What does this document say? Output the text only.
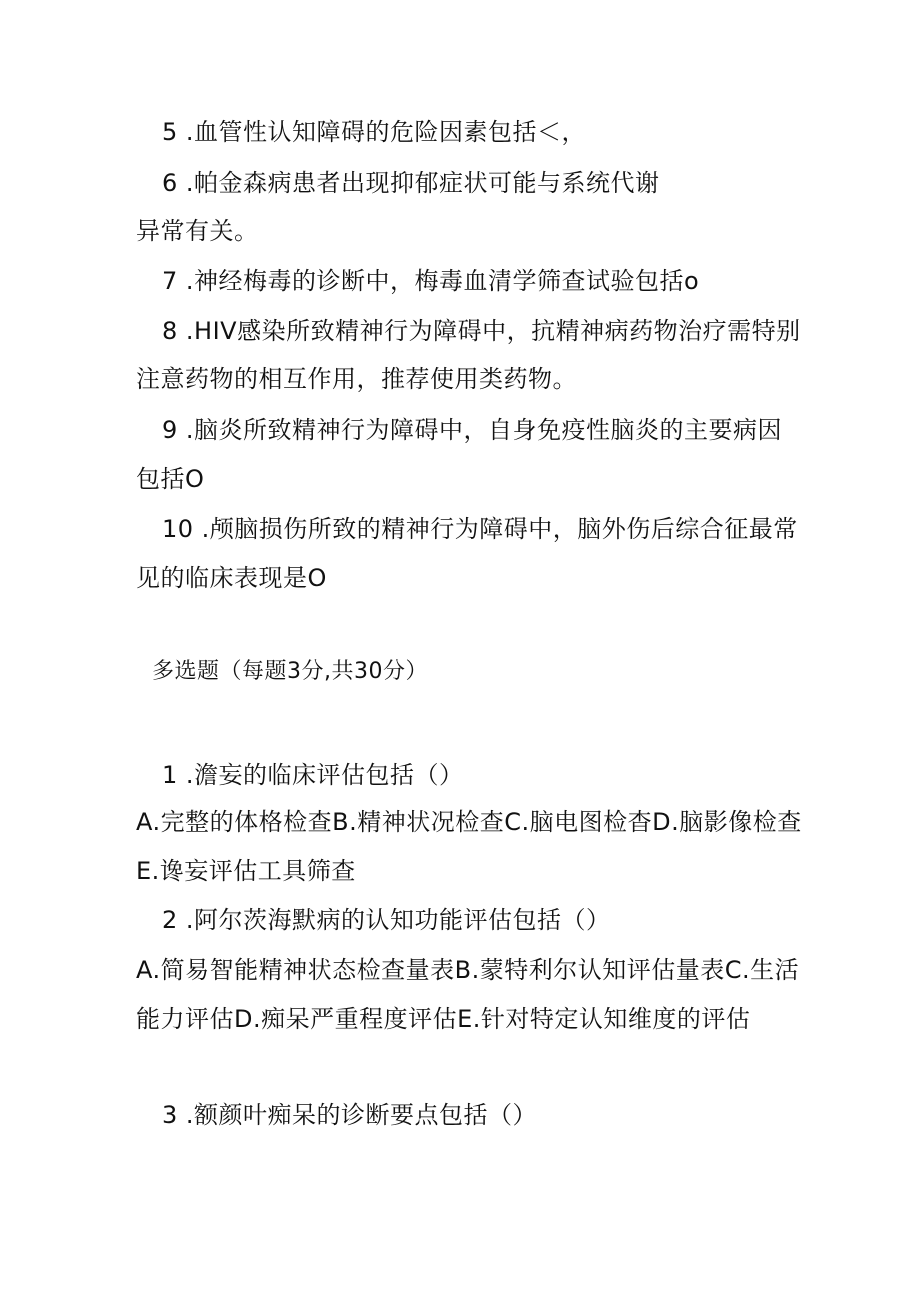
5 .血管性认知障碍的危险因素包括＜，
6 .帕金森病患者出现抑郁症状可能与系统代谢
异常有关。
7 .神经梅毒的诊断中，梅毒血清学筛查试验包括o
8 .HIV感染所致精神行为障碍中，抗精神病药物治疗需特别
注意药物的相互作用，推荐使用类药物。
9 .脑炎所致精神行为障碍中，自身免疫性脑炎的主要病因
包括O
10 .颅脑损伤所致的精神行为障碍中，脑外伤后综合征最常
见的临床表现是O
多选题（每题3分,共30分）
1 .澹妄的临床评估包括（）
A.完整的体格检查B.精神状况检查C.脑电图检杳D.脑影像检查
E.谗妄评估工具筛查
2 .阿尔茨海默病的认知功能评估包括（）
A.简易智能精神状态检查量表B.蒙特利尔认知评估量表C.生活
能力评估D.痴呆严重程度评估E.针对特定认知维度的评估
3 .额颜叶痴呆的诊断要点包括（）
